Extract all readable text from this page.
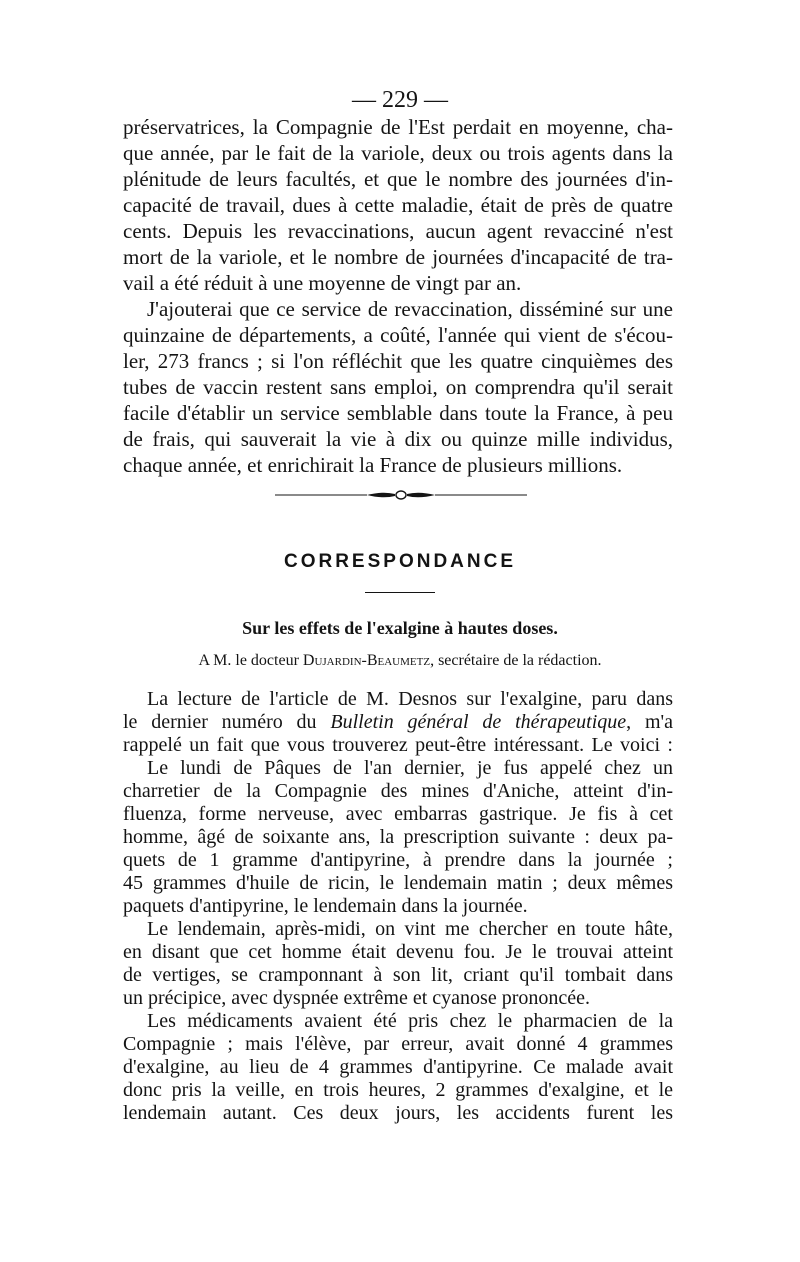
— 229 —
préservatrices, la Compagnie de l'Est perdait en moyenne, cha-
que année, par le fait de la variole, deux ou trois agents dans la
plénitude de leurs facultés, et que le nombre des journées d'in-
capacité de travail, dues à cette maladie, était de près de quatre
cents. Depuis les revaccinations, aucun agent revacciné n'est
mort de la variole, et le nombre de journées d'incapacité de tra-
vail a été réduit à une moyenne de vingt par an.
J'ajouterai que ce service de revaccination, disséminé sur une
quinzaine de départements, a coûté, l'année qui vient de s'écou-
ler, 273 francs ; si l'on réfléchit que les quatre cinquièmes des
tubes de vaccin restent sans emploi, on comprendra qu'il serait
facile d'établir un service semblable dans toute la France, à peu
de frais, qui sauverait la vie à dix ou quinze mille individus,
chaque année, et enrichirait la France de plusieurs millions.
CORRESPONDANCE
Sur les effets de l'exalgine à hautes doses.
A M. le docteur Dujardin-Beaumetz, secrétaire de la rédaction.
La lecture de l'article de M. Desnos sur l'exalgine, paru dans
le dernier numéro du Bulletin général de thérapeutique, m'a
rappelé un fait que vous trouverez peut-être intéressant. Le voici :
Le lundi de Pâques de l'an dernier, je fus appelé chez un
charretier de la Compagnie des mines d'Aniche, atteint d'in-
fluenza, forme nerveuse, avec embarras gastrique. Je fis à cet
homme, âgé de soixante ans, la prescription suivante : deux pa-
quets de 1 gramme d'antipyrine, à prendre dans la journée ;
45 grammes d'huile de ricin, le lendemain matin ; deux mêmes
paquets d'antipyrine, le lendemain dans la journée.
Le lendemain, après-midi, on vint me chercher en toute hâte,
en disant que cet homme était devenu fou. Je le trouvai atteint
de vertiges, se cramponnant à son lit, criant qu'il tombait dans
un précipice, avec dyspnée extrême et cyanose prononcée.
Les médicaments avaient été pris chez le pharmacien de la
Compagnie ; mais l'élève, par erreur, avait donné 4 grammes
d'exalgine, au lieu de 4 grammes d'antipyrine. Ce malade avait
donc pris la veille, en trois heures, 2 grammes d'exalgine, et le
lendemain autant. Ces deux jours, les accidents furent les
